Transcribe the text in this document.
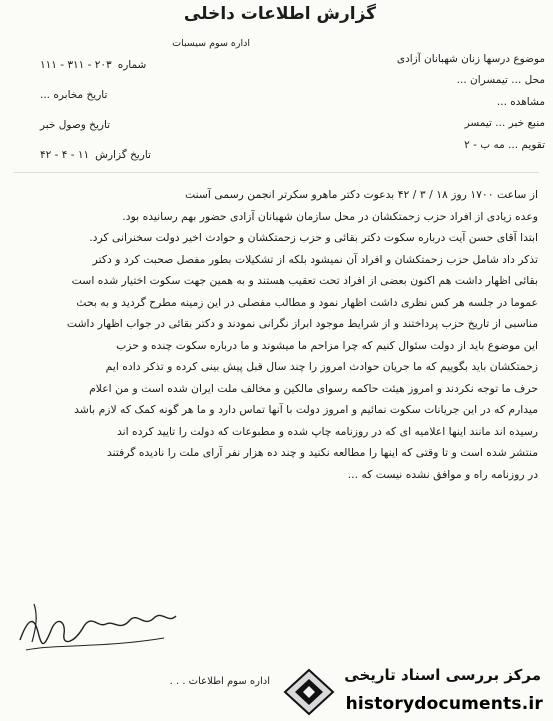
گزارش اطلاعات داخلی
اداره سوم سیسبات
شماره
۱۱۱ - ۳۱۱ - ۲۰۳
تاریخ مخابره ...
تاریخ وصول خبر
تاریخ گزارش
۱۱ - ۴ - ۴۲
موضوع درسها زنان شهبانان آزادی
محل ... تیمسران ...
مشاهده ...
منبع خبر ... تیمسر
تقویم ... مه ب - ۲

از ساعت ۱۷۰۰ روز ۱۸ / ۳ / ۴۲ بدعوت دکتر ماهرو سکرتر انجمن رسمی آسنت

وعده زیادی از افراد حزب زحمتکشان در محل سازمان شهبانان آزادی حضور بهم رسانیده بود.

ابتدا آقای حسن آیت درباره سکوت دکتر بقائی و حزب زحمتکشان و حوادث اخیر دولت سخنرانی کرد.

تذکر داد شامل حزب زحمتکشان و افراد آن نمیشود بلکه از تشکیلات بطور مفصل صحبت کرد و دکتر

بقائی اظهار داشت هم اکنون بعضی از افراد تحت تعقیب هستند و به همین جهت سکوت اختیار شده است

عموما در جلسه هر کس نظری داشت اظهار نمود و مطالب مفصلی در این زمینه مطرح گردید و به بحث

مناسبی از تاریخ حزب پرداختند و از شرایط موجود ابراز نگرانی نمودند و دکتر بقائی در جواب اظهار داشت

این موضوع باید از دولت سئوال کنیم که چرا مزاحم ما میشوند و ما درباره سکوت چنده و حزب

زحمتکشان باید بگوییم که ما جریان حوادث امروز را چند سال قبل پیش بینی کرده و تذکر داده ایم

حرف ما توجه نکردند و امروز هیئت حاکمه رسوای مالکین و مخالف ملت ایران شده است و من اعلام

میدارم که در این جریانات سکوت نمائیم و امروز دولت با آنها تماس دارد و ما هر گونه کمک که لازم باشد

رسیده اند مانند اینها اعلامیه ای که در روزنامه چاپ شده و مطبوعات که دولت را تایید کرده اند

منتشر شده است و تا وقتی که اینها را مطالعه نکنید و چند ده هزار نفر آرای ملت را نادیده گرفتند

در روزنامه راه و موافق نشده نیست که ...

اداره سوم اطلاعات . . .	مرکز بررسی اسناد تاریخی
historydocuments.ir
